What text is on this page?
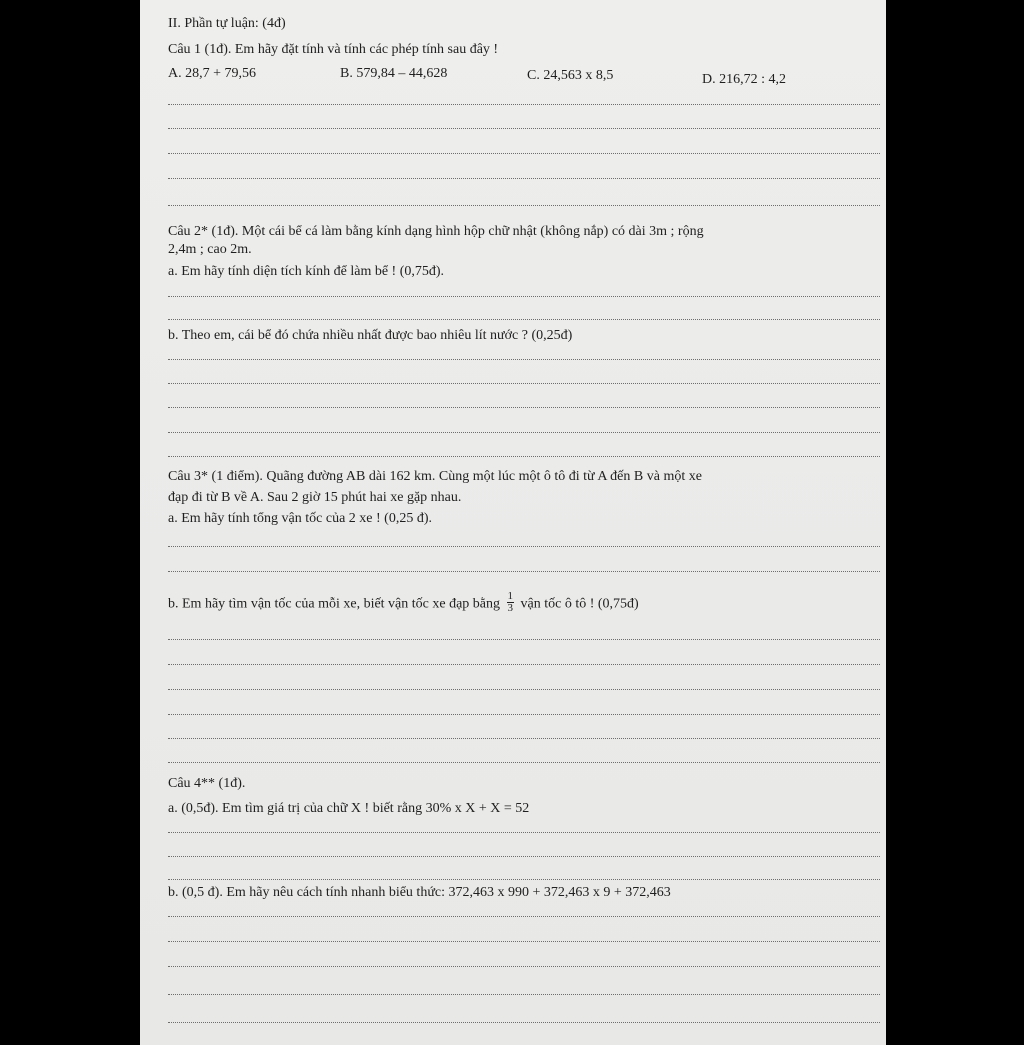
II. Phần tự luận: (4đ)
Câu 1 (1đ). Em hãy đặt tính và tính các phép tính sau đây !
A. 28,7 + 79,56	B. 579,84 – 44,628	C. 24,563 x 8,5	D. 216,72 : 4,2
Câu 2* (1đ). Một cái bể cá làm bằng kính dạng hình hộp chữ nhật (không nắp) có dài 3m ; rộng
2,4m ; cao 2m.
a. Em hãy tính diện tích kính để làm bể ! (0,75đ).
b. Theo em, cái bể đó chứa nhiều nhất được bao nhiêu lít nước ? (0,25đ)
Câu 3* (1 điểm). Quãng đường AB dài 162 km. Cùng một lúc một ô tô đi từ A đến B và một xe
đạp đi từ B về A. Sau 2 giờ 15 phút hai xe gặp nhau.
a. Em hãy tính tổng vận tốc của 2 xe ! (0,25 đ).
b. Em hãy tìm vận tốc của mỗi xe, biết vận tốc xe đạp bằng $\frac{1}{3}$ vận tốc ô tô ! (0,75đ)
Câu 4** (1đ).
a. (0,5đ). Em tìm giá trị của chữ X ! biết rằng 30% x X + X = 52
b. (0,5 đ). Em hãy nêu cách tính nhanh biểu thức: 372,463 x 990 + 372,463 x 9 + 372,463
